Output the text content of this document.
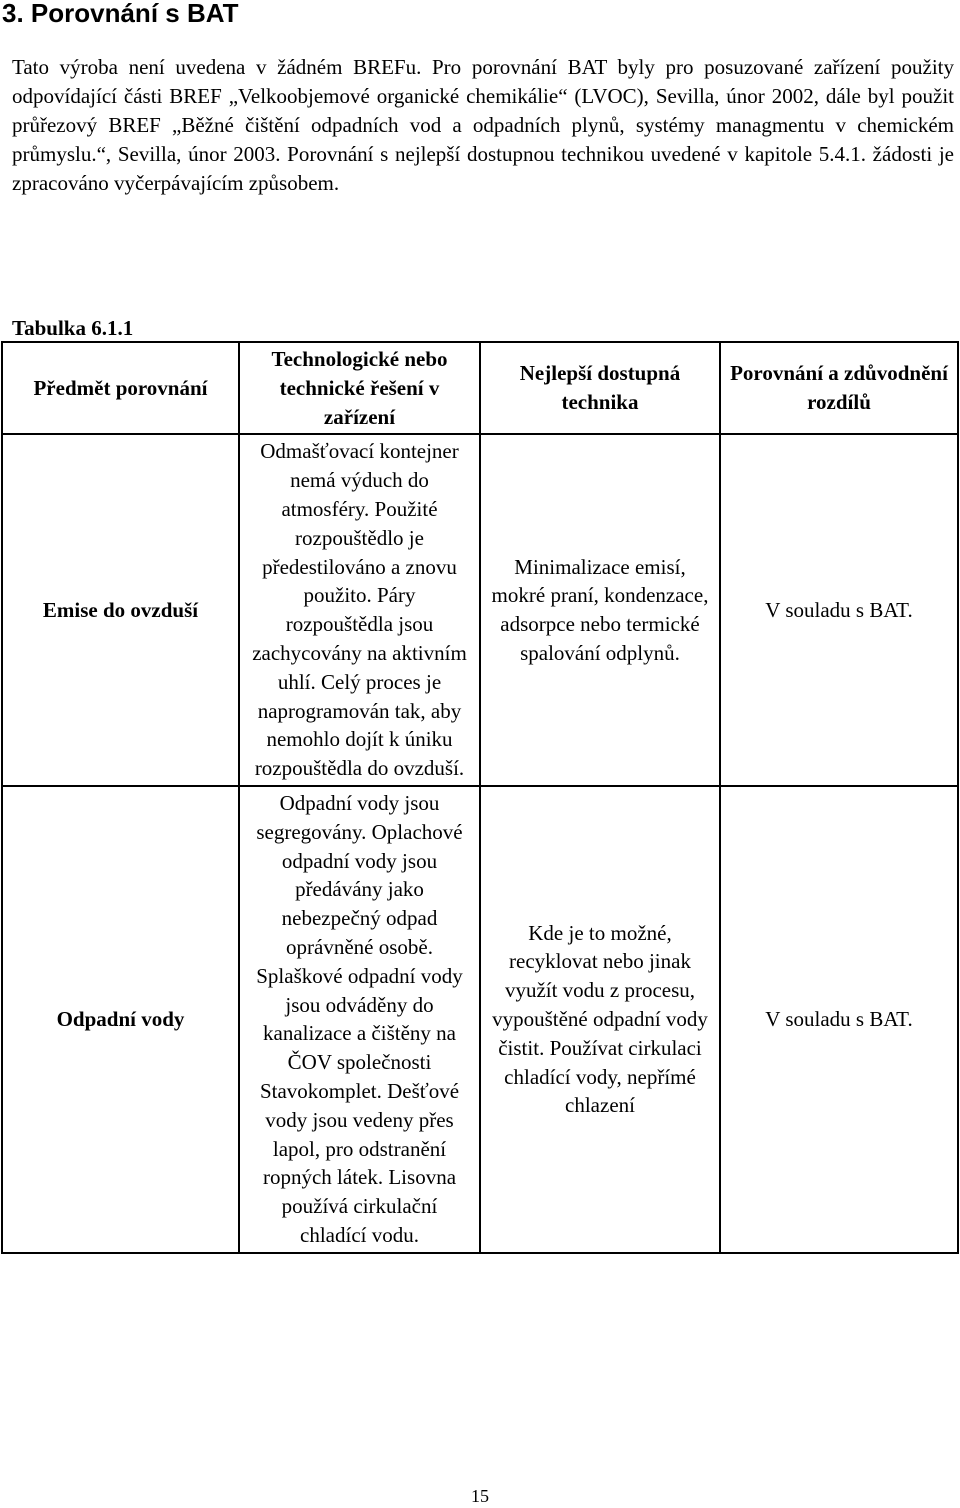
3. Porovnání s BAT

Tato výroba není uvedena v žádném BREFu. Pro porovnání BAT byly pro posuzované zařízení použity odpovídající části BREF „Velkoobjemové organické chemikálie“ (LVOC), Sevilla, únor 2002, dále byl použit průřezový BREF „Běžné čištění odpadních vod a odpadních plynů, systémy managmentu v chemickém průmyslu.“, Sevilla, únor 2003. Porovnání s nejlepší dostupnou technikou uvedené v kapitole 5.4.1. žádosti je zpracováno vyčerpávajícím způsobem.

Tabulka 6.1.1

Předmět porovnání	Technologické nebo technické řešení v zařízení	Nejlepší dostupná technika	Porovnání a zdůvodnění rozdílů
Emise do ovzduší	Odmašťovací kontejner nemá výduch do atmosféry. Použité rozpouštědlo je předestilováno a znovu použito. Páry rozpouštědla jsou zachycovány na aktivním uhlí. Celý proces je naprogramován tak, aby nemohlo dojít k úniku rozpouštědla do ovzduší.	Minimalizace emisí, mokré praní, kondenzace, adsorpce nebo termické spalování odplynů.	V souladu s BAT.
Odpadní vody	Odpadní vody jsou segregovány. Oplachové odpadní vody jsou předávány jako nebezpečný odpad oprávněné osobě. Splaškové odpadní vody jsou odváděny do kanalizace a čištěny na ČOV společnosti Stavokomplet. Dešťové vody jsou vedeny přes lapol, pro odstranění ropných látek. Lisovna používá cirkulační chladící vodu.	Kde je to možné, recyklovat nebo jinak využít vodu z procesu, vypouštěné odpadní vody čistit. Používat cirkulaci chladící vody, nepřímé chlazení	V souladu s BAT.

15
